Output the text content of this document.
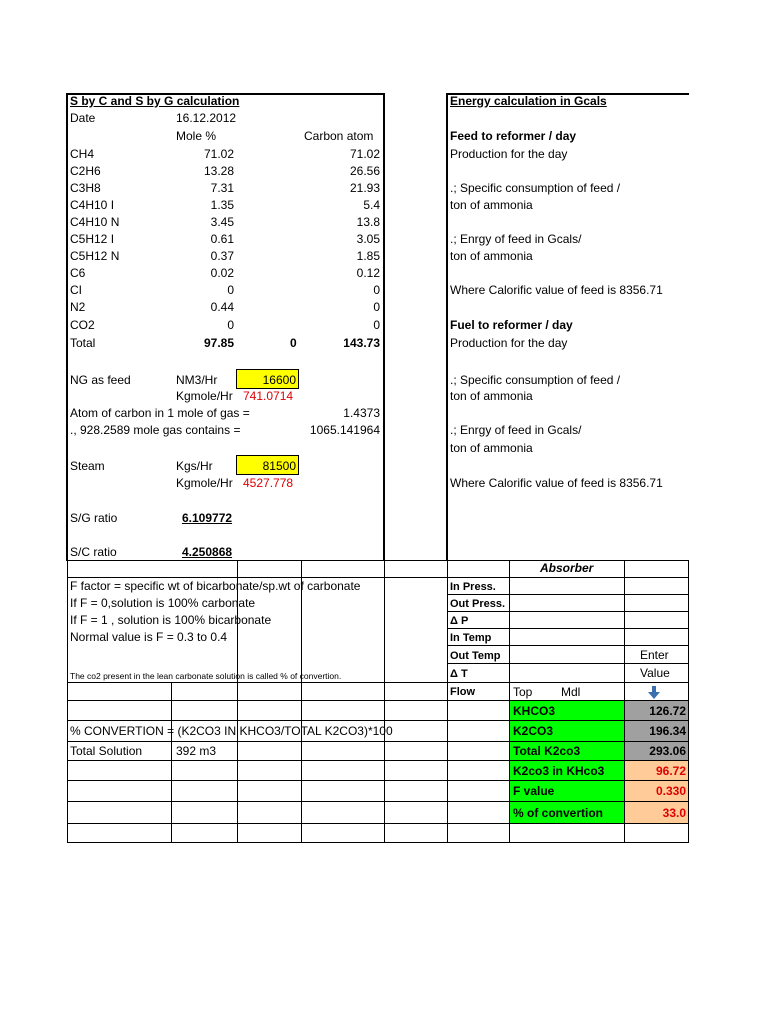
S by C and S by G calculation
Date	16.12.2012
Mole %	Carbon atom
CH4	71.02	71.02
C2H6	13.28	26.56
C3H8	7.31	21.93
C4H10 I	1.35	5.4
C4H10 N	3.45	13.8
C5H12 I	0.61	3.05
C5H12 N	0.37	1.85
C6	0.02	0.12
CI	0	0
N2	0.44	0
CO2	0	0
Total	97.85	0	143.73
NG as feed	NM3/Hr	16600
Kgmole/Hr 741.0714
Atom of carbon in 1 mole of gas =	1.4373
., 928.2589 mole gas contains =	1065.141964
Steam	Kgs/Hr	81500
Kgmole/Hr 4527.778
S/G ratio	6.109772
S/C ratio	4.250868
Energy calculation in Gcals
Feed to reformer / day
Production for the day
.; Specific consumption of feed /
ton of ammonia
.; Enrgy of feed in Gcals/
ton of ammonia
Where Calorific value of feed is 8356.71
Fuel to reformer / day
Production for the day
.; Specific consumption of feed /
ton of ammonia
.; Enrgy of feed in Gcals/
ton of ammonia
Where Calorific value of feed is 8356.71
F factor = specific wt of bicarbonate/sp.wt of carbonate
If F = 0,solution is 100% carbonate
If F = 1 , solution is 100% bicarbonate
Normal value is F = 0.3 to 0.4
The co2 present in the lean carbonate solution is called % of convertion.
% CONVERTION = (K2CO3 IN KHCO3/TOTAL K2CO3)*100
Total Solution	392 m3
Absorber
In Press.
Out Press.
Δ P
In Temp
Out Temp
Δ T
Flow	Top Mdl
Enter
Value
KHCO3	126.72
K2CO3	196.34
Total K2co3	293.06
K2co3 in KHco3	96.72
F value	0.330
% of convertion	33.0
